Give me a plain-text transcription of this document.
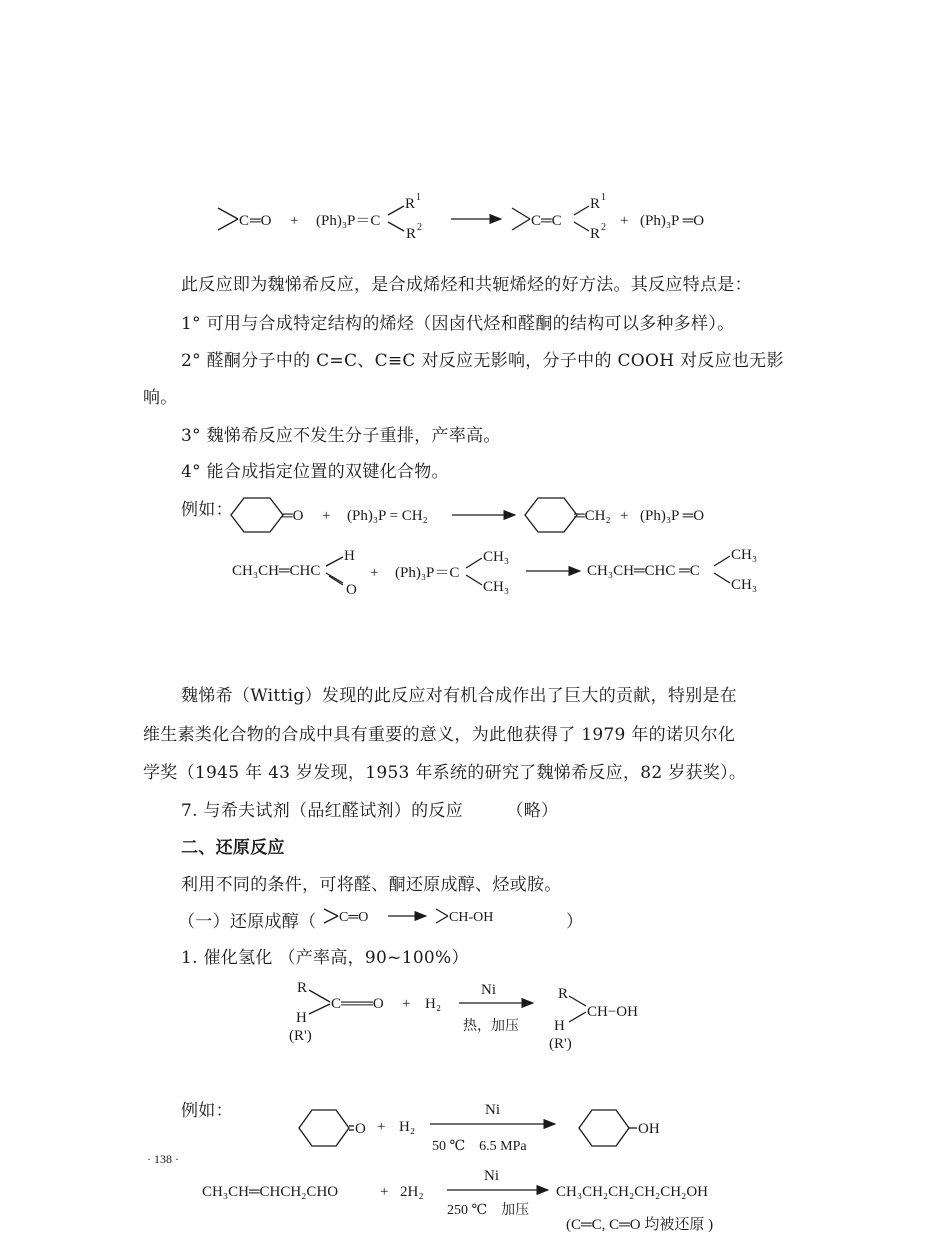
此反应即为魏悌希反应，是合成烯烃和共轭烯烃的好方法。其反应特点是：
1° 可用与合成特定结构的烯烃（因卤代烃和醛酮的结构可以多种多样）。
2° 醛酮分子中的 C=C、C≡C 对反应无影响，分子中的 COOH 对反应也无影
响。
3° 魏悌希反应不发生分子重排，产率高。
4° 能合成指定位置的双键化合物。
例如：
魏悌希（Wittig）发现的此反应对有机合成作出了巨大的贡献，特别是在
维生素类化合物的合成中具有重要的意义，为此他获得了 1979 年的诺贝尔化
学奖（1945 年 43 岁发现，1953 年系统的研究了魏悌希反应，82 岁获奖）。
7. 与希夫试剂（品红醛试剂）的反应　　　（略）
二、还原反应
利用不同的条件，可将醛、酮还原成醇、烃或胺。
（一）还原成醇（	）
1. 催化氢化 （产率高，90~100%）
例如：
· 138 ·
C ═O + (Ph)₃P＝C
R 1
R 2	C═C
R 1
R 2 + (Ph)₃P ═O
═O + (Ph)₃P = CH₂	═CH₂ + (Ph)₃P ═O
CH₃CH═CHC
H
O
+ (Ph)₃P＝C
CH₃
CH₃
CH₃CH═CHC ═C
CH₃
CH₃
C═O	CH-OH
R
H
(R')
C═══O + H₂
Ni
热，加压
R
CH−OH
H
(R')
O + H₂
Ni
50 ℃　6.5 MPa
OH
CH₃CH═CHCH₂CHO	+ 2H₂
Ni
250 ℃　加压
CH₃CH₂CH₂CH₂CH₂OH
(C═C, C═O 均被还原 )
